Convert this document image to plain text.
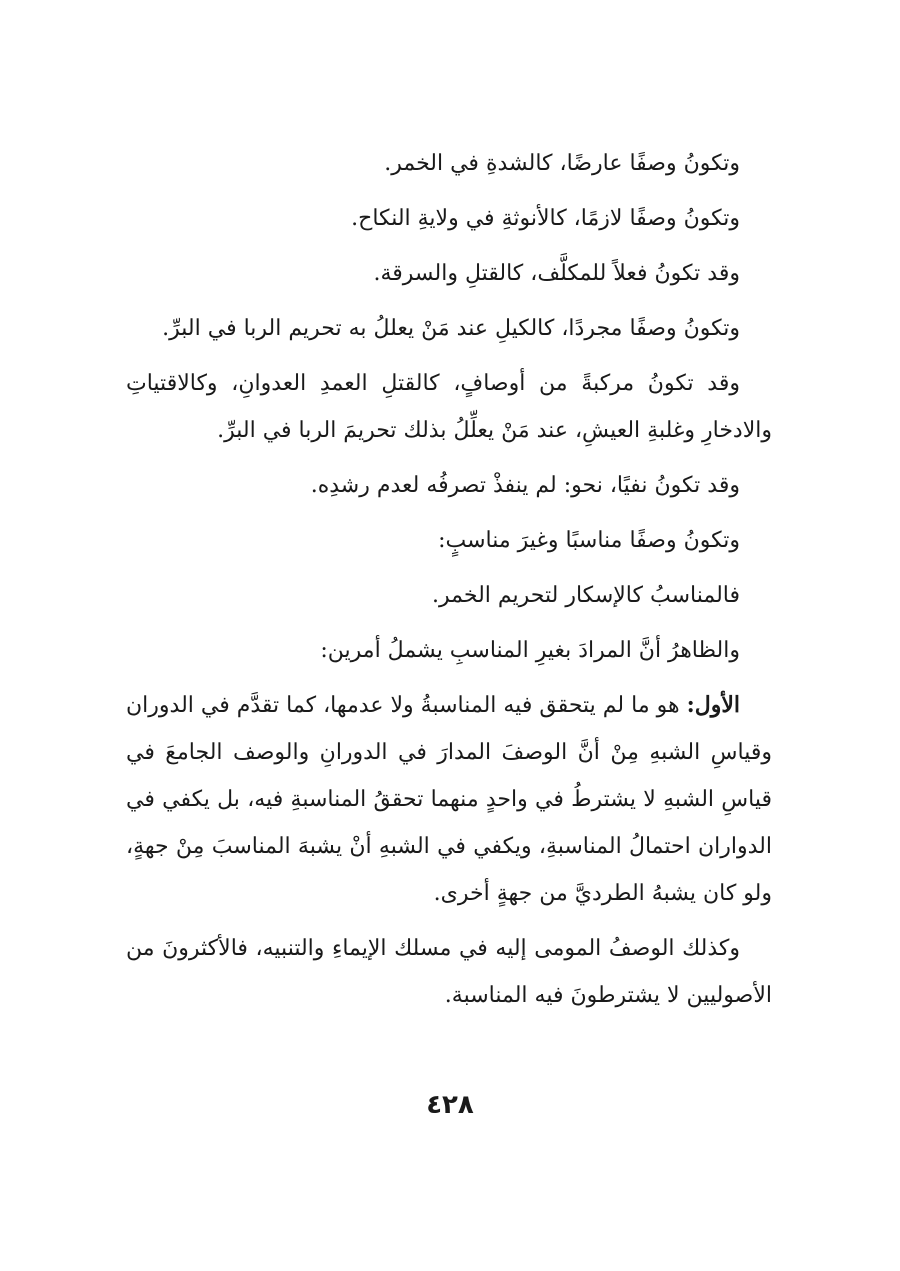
وتكونُ وصفًا عارضًا، كالشدةِ في الخمر.

وتكونُ وصفًا لازمًا، كالأنوثةِ في ولايةِ النكاح.

وقد تكونُ فعلاً للمكلَّف، كالقتلِ والسرقة.

وتكونُ وصفًا مجردًا، كالكيلِ عند مَنْ يعللُ به تحريم الربا في البرِّ.

وقد تكونُ مركبةً من أوصافٍ، كالقتلِ العمدِ العدوانِ، وكالاقتياتِ والادخارِ وغلبةِ العيشِ، عند مَنْ يعلِّلُ بذلك تحريمَ الربا في البرِّ.

وقد تكونُ نفيًا، نحو: لم ينفذْ تصرفُه لعدم رشدِه.

وتكونُ وصفًا مناسبًا وغيرَ مناسبٍ:

فالمناسبُ كالإسكار لتحريم الخمر.

والظاهرُ أنَّ المرادَ بغيرِ المناسبِ يشملُ أمرين:

الأول: هو ما لم يتحقق فيه المناسبةُ ولا عدمها، كما تقدَّم في الدوران وقياسِ الشبهِ مِنْ أنَّ الوصفَ المدارَ في الدورانِ والوصف الجامعَ في قياسِ الشبهِ لا يشترطُ في واحدٍ منهما تحققُ المناسبةِ فيه، بل يكفي في الدواران احتمالُ المناسبةِ، ويكفي في الشبهِ أنْ يشبهَ المناسبَ مِنْ جهةٍ، ولو كان يشبهُ الطرديَّ من جهةٍ أخرى.

وكذلك الوصفُ المومى إليه في مسلك الإيماءِ والتنبيه، فالأكثرونَ من الأصوليين لا يشترطونَ فيه المناسبة.

٤٢٨
